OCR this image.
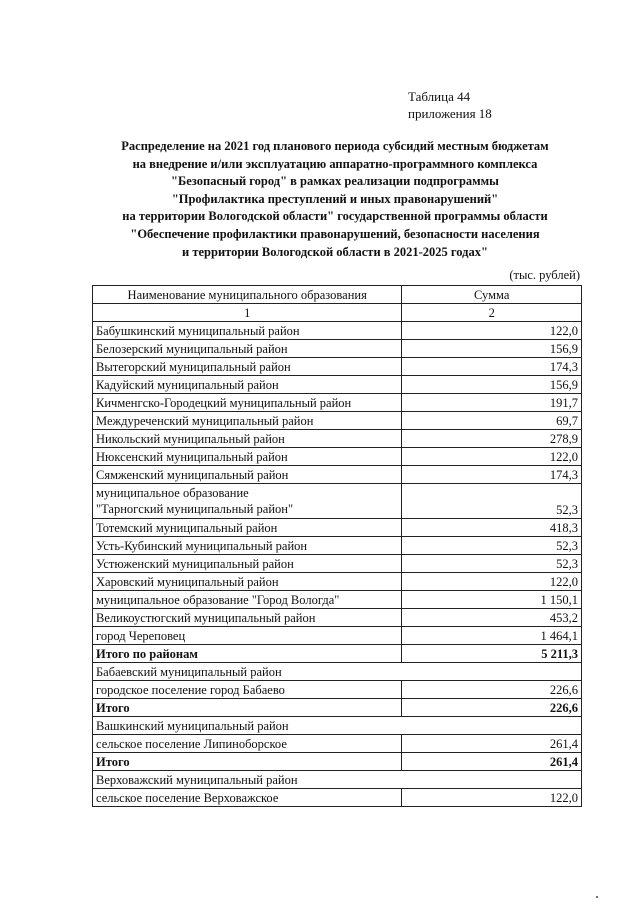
Таблица 44
приложения 18
Распределение на 2021 год планового периода субсидий местным бюджетам
на внедрение и/или эксплуатацию аппаратно-программного комплекса
"Безопасный город" в рамках реализации подпрограммы
"Профилактика преступлений и иных правонарушений"
на территории Вологодской области" государственной программы области
"Обеспечение профилактики правонарушений, безопасности населения
и территории Вологодской области в 2021-2025 годах"
(тыс. рублей)
Наименование муниципального образования	Сумма
1	2
Бабушкинский муниципальный район	122,0
Белозерский муниципальный район	156,9
Вытегорский муниципальный район	174,3
Кадуйский муниципальный район	156,9
Кичменгско-Городецкий муниципальный район	191,7
Междуреченский муниципальный район	69,7
Никольский муниципальный район	278,9
Нюксенский муниципальный район	122,0
Сямженский муниципальный район	174,3

муниципальное образование
"Тарногский муниципальный район"	52,3
Тотемский муниципальный район	418,3
Усть-Кубинский муниципальный район	52,3
Устюженский муниципальный район	52,3
Харовский муниципальный район	122,0
муниципальное образование "Город Вологда"	1 150,1
Великоустюгский муниципальный район	453,2
город Череповец	1 464,1
Итого по районам	5 211,3
Бабаевский муниципальный район	
городское поселение город Бабаево	226,6
Итого	226,6
Вашкинский муниципальный район	
сельское поселение Липиноборское	261,4
Итого	261,4
Верховажский муниципальный район	
сельское поселение Верховажское	122,0
